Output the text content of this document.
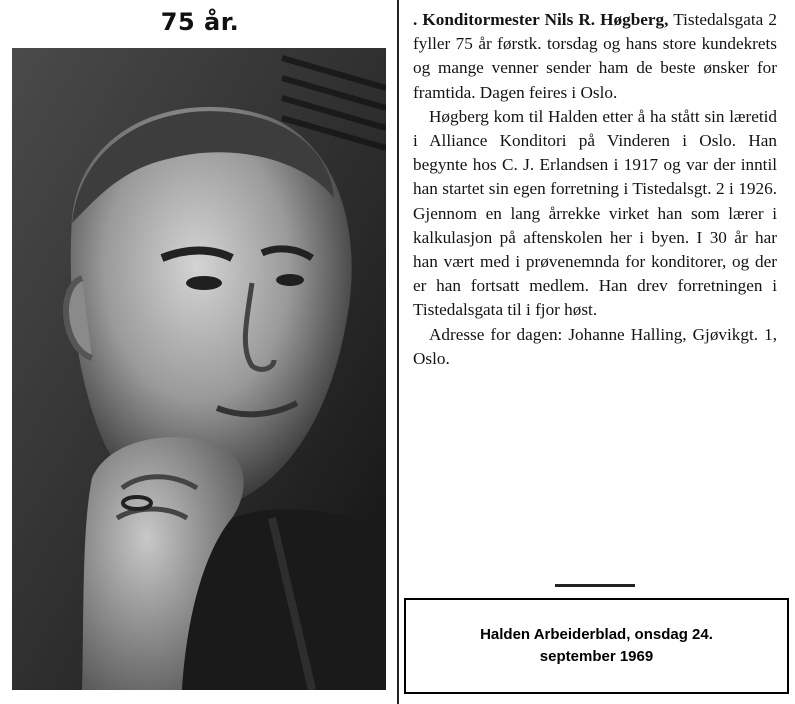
75 år.	. Konditormester Nils R. Høgberg, Tistedalsgata 2 fyller 75 år førstk. torsdag og hans store kundekrets og mange venner sender ham de beste ønsker for framtida. Dagen feires i Oslo.

Høgberg kom til Halden etter å ha stått sin læretid i Alliance Konditori på Vinderen i Oslo. Han begynte hos C. J. Erlandsen i 1917 og var der inntil han startet sin egen forretning i Tistedalsgt. 2 i 1926. Gjennom en lang årrekke virket han som lærer i kalkulasjon på aftenskolen her i byen. I 30 år har han vært med i prøvenemnda for konditorer, og der er han fortsatt medlem. Han drev forretningen i Tistedalsgata til i fjor høst.

Adresse for dagen: Johanne Halling, Gjøvikgt. 1, Oslo.

Halden Arbeiderblad, onsdag 24.
september 1969
